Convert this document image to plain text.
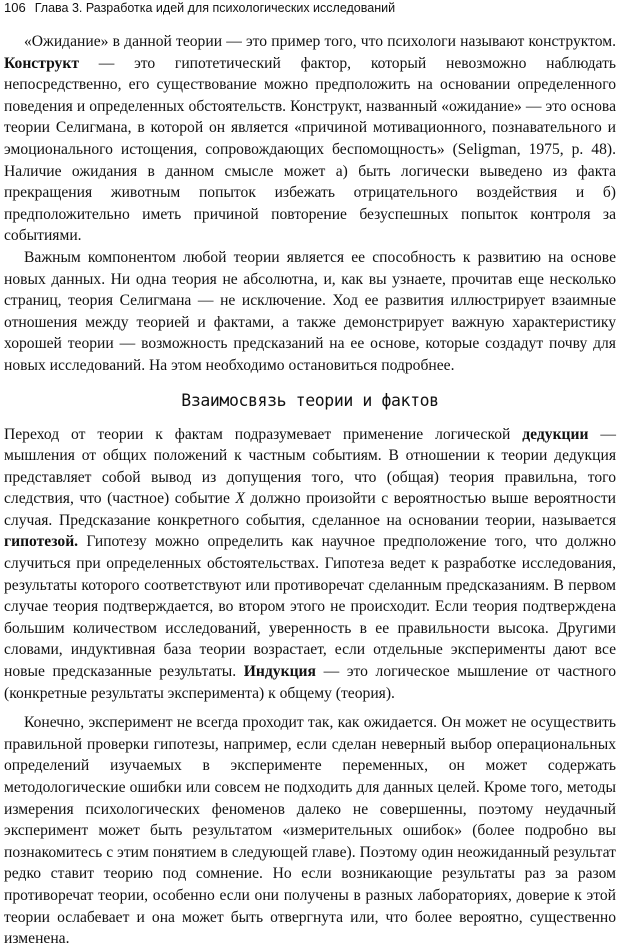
106 Глава 3. Разработка идей для психологических исследований

«Ожидание» в данной теории — это пример того, что психологи называют конструктом. Конструкт — это гипотетический фактор, который невозможно наблюдать непосредственно, его существование можно предположить на основании определенного поведения и определенных обстоятельств. Конструкт, названный «ожидание» — это основа теории Селигмана, в которой он является «причиной мотивационного, познавательного и эмоционального истощения, сопровождающих беспомощность» (Seligman, 1975, р. 48). Наличие ожидания в данном смысле может а) быть логически выведено из факта прекращения животным попыток избежать отрицательного воздействия и б) предположительно иметь причиной повторение безуспешных попыток контроля за событиями.

Важным компонентом любой теории является ее способность к развитию на основе новых данных. Ни одна теория не абсолютна, и, как вы узнаете, прочитав еще несколько страниц, теория Селигмана — не исключение. Ход ее развития иллюстрирует взаимные отношения между теорией и фактами, а также демонстрирует важную характеристику хорошей теории — возможность предсказаний на ее основе, которые создадут почву для новых исследований. На этом необходимо остановиться подробнее.

Взаимосвязь теории и фактов

Переход от теории к фактам подразумевает применение логической дедукции — мышления от общих положений к частным событиям. В отношении к теории дедукция представляет собой вывод из допущения того, что (общая) теория правильна, того следствия, что (частное) событие X должно произойти с вероятностью выше вероятности случая. Предсказание конкретного события, сделанное на основании теории, называется гипотезой. Гипотезу можно определить как научное предположение того, что должно случиться при определенных обстоятельствах. Гипотеза ведет к разработке исследования, результаты которого соответствуют или противоречат сделанным предсказаниям. В первом случае теория подтверждается, во втором этого не происходит. Если теория подтверждена большим количеством исследований, уверенность в ее правильности высока. Другими словами, индуктивная база теории возрастает, если отдельные эксперименты дают все новые предсказанные результаты. Индукция — это логическое мышление от частного (конкретные результаты эксперимента) к общему (теория).

Конечно, эксперимент не всегда проходит так, как ожидается. Он может не осуществить правильной проверки гипотезы, например, если сделан неверный выбор операциональных определений изучаемых в эксперименте переменных, он может содержать методологические ошибки или совсем не подходить для данных целей. Кроме того, методы измерения психологических феноменов далеко не совершенны, поэтому неудачный эксперимент может быть результатом «измерительных ошибок» (более подробно вы познакомитесь с этим понятием в следующей главе). Поэтому один неожиданный результат редко ставит теорию под сомнение. Но если возникающие результаты раз за разом противоречат теории, особенно если они получены в разных лабораториях, доверие к этой теории ослабевает и она может быть отвергнута или, что более вероятно, существенно изменена.
